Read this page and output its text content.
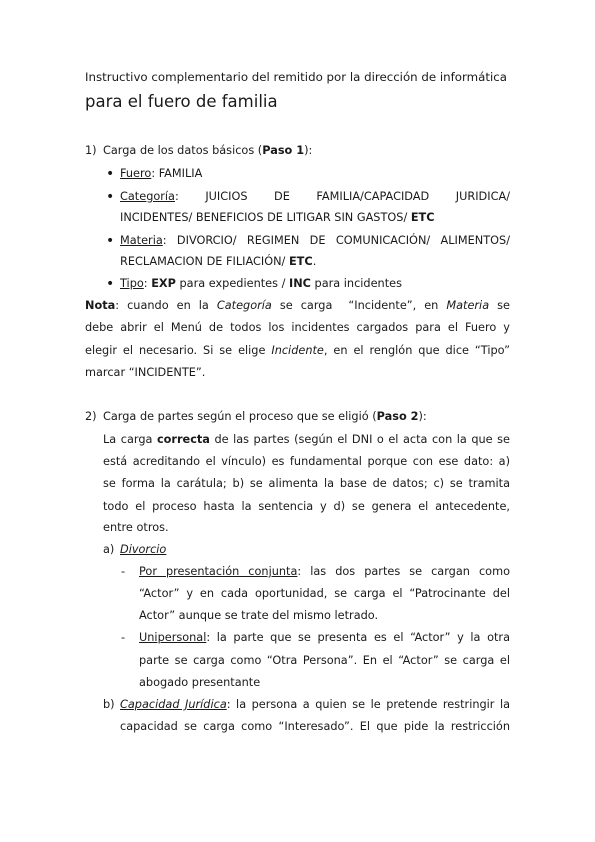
Instructivo complementario del remitido por la dirección de informática
para el fuero de familia
1) Carga de los datos básicos (Paso 1):
• Fuero: FAMILIA
• Categoría: JUICIOS DE FAMILIA/CAPACIDAD JURIDICA/
INCIDENTES/ BENEFICIOS DE LITIGAR SIN GASTOS/ ETC
• Materia: DIVORCIO/ REGIMEN DE COMUNICACIÓN/ ALIMENTOS/
RECLAMACION DE FILIACIÓN/ ETC.
• Tipo: EXP para expedientes / INC para incidentes
Nota: cuando en la Categoría se carga  “Incidente”, en Materia se
debe abrir el Menú de todos los incidentes cargados para el Fuero y
elegir el necesario. Si se elige Incidente, en el renglón que dice “Tipo”
marcar “INCIDENTE”.
2) Carga de partes según el proceso que se eligió (Paso 2):
La carga correcta de las partes (según el DNI o el acta con la que se
está acreditando el vínculo) es fundamental porque con ese dato: a)
se forma la carátula; b) se alimenta la base de datos; c) se tramita
todo el proceso hasta la sentencia y d) se genera el antecedente,
entre otros.
a) Divorcio
- Por presentación conjunta: las dos partes se cargan como
“Actor” y en cada oportunidad, se carga el “Patrocinante del
Actor” aunque se trate del mismo letrado.
- Unipersonal: la parte que se presenta es el “Actor” y la otra
parte se carga como “Otra Persona”. En el “Actor” se carga el
abogado presentante
b) Capacidad Jurídica: la persona a quien se le pretende restringir la
capacidad se carga como “Interesado”. El que pide la restricción
